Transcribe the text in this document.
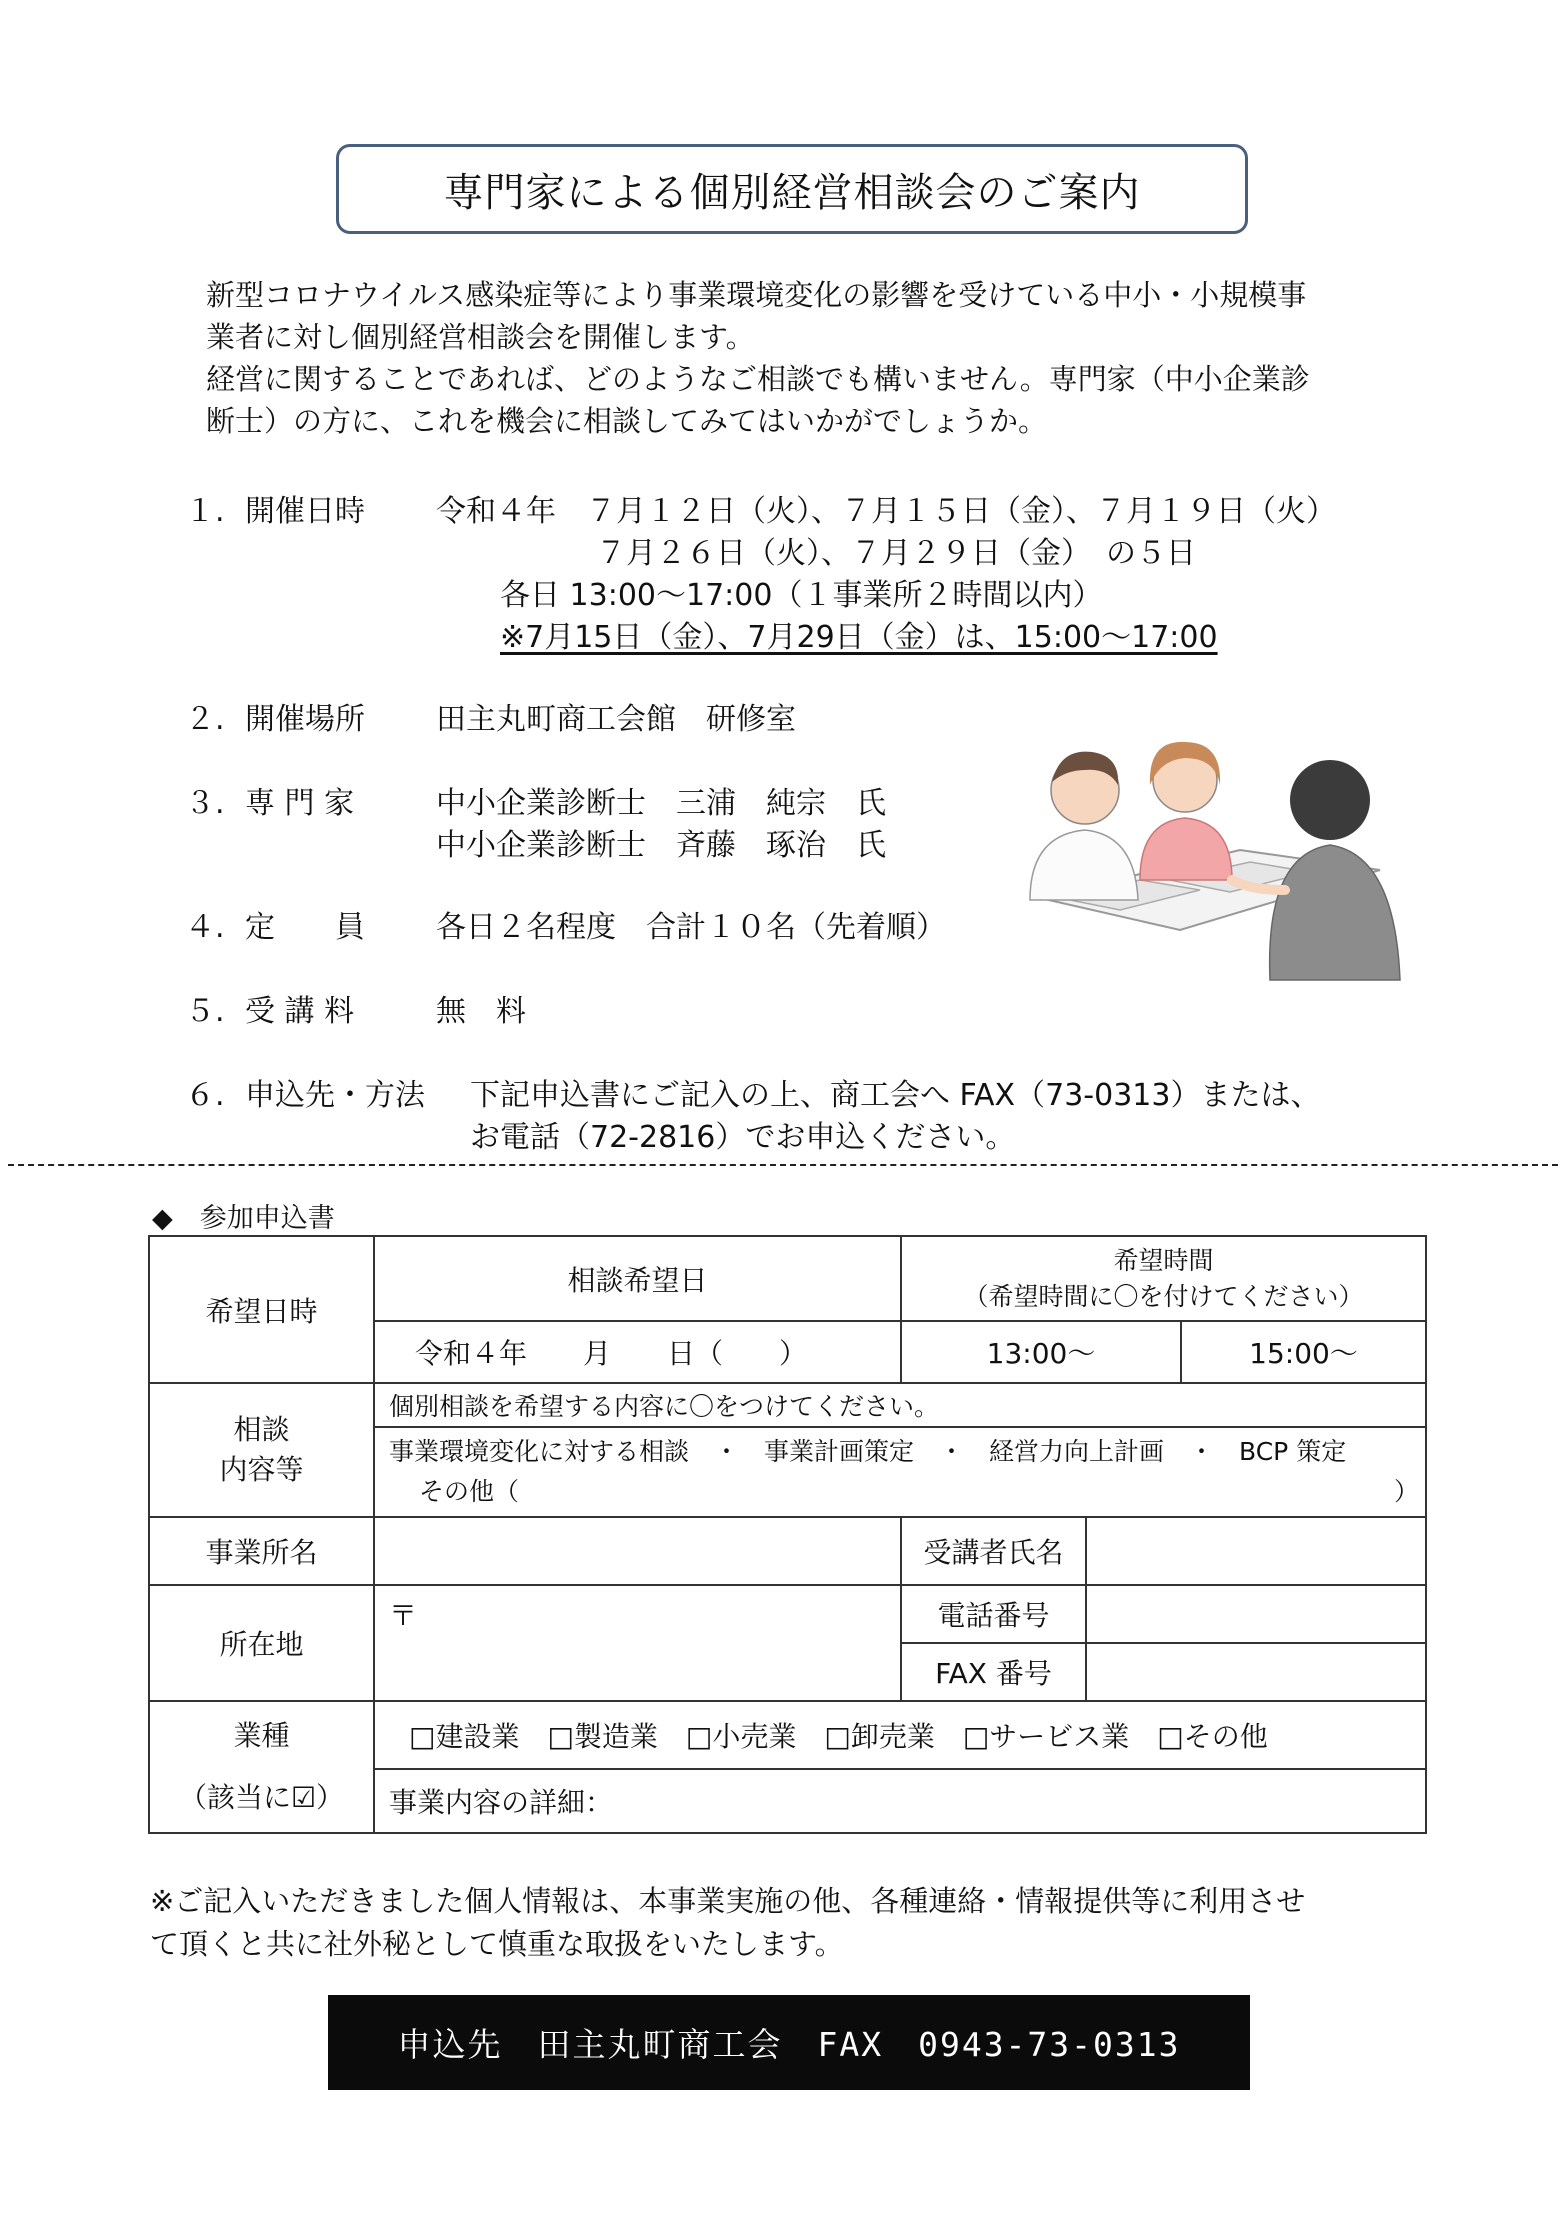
専門家による個別経営相談会のご案内

新型コロナウイルス感染症等により事業環境変化の影響を受けている中小・小規模事

業者に対し個別経営相談会を開催します。

経営に関することであれば、どのようなご相談でも構いません。専門家（中小企業診

断士）の方に、これを機会に相談してみてはいかがでしょうか。

１. 開催日時 令和４年　７月１２日（火）、７月１５日（金）、７月１９日（火）
７月２６日（火）、７月２９日（金）　の５日
各日 13:00～17:00（１事業所２時間以内）
※7月15日（金）、7月29日（金）は、15:00～17:00
２. 開催場所 田主丸町商工会館　研修室
３. 専 門 家	中小企業診断士　三浦　純宗　氏
中小企業診断士　斉藤　琢治　氏
４. 定　　員 各日２名程度　合計１０名（先着順）
５. 受 講 料	無　料
６. 申込先・方法 下記申込書にご記入の上、商工会へ FAX（73-0313）または、
お電話（72-2816）でお申込ください。
◆　参加申込書
希望日時	相談希望日	希望時間
（希望時間に〇を付けてください）		

	令和４年　　月　　日（　　）	13:00～		15:00～

相談
内容等	個別相談を希望する内容に〇をつけてください。			

	事業環境変化に対する相談　・　事業計画策定　・　経営力向上計画　・　BCP 策定
その他（　　　　　　　　　　　　　　　　　　　　　　　　　　　　　　　　　　　）			

事業所名		受講者氏名		
所在地	〒	電話番号		
		FAX 番号		

業種
（該当に☑）	□建設業　□製造業　□小売業　□卸売業　□サービス業　□その他			
	事業内容の詳細：			
※ご記入いただきました個人情報は、本事業実施の他、各種連絡・情報提供等に利用させ
て頂くと共に社外秘として慎重な取扱をいたします。
申込先　田主丸町商工会　FAX　0943-73-0313
